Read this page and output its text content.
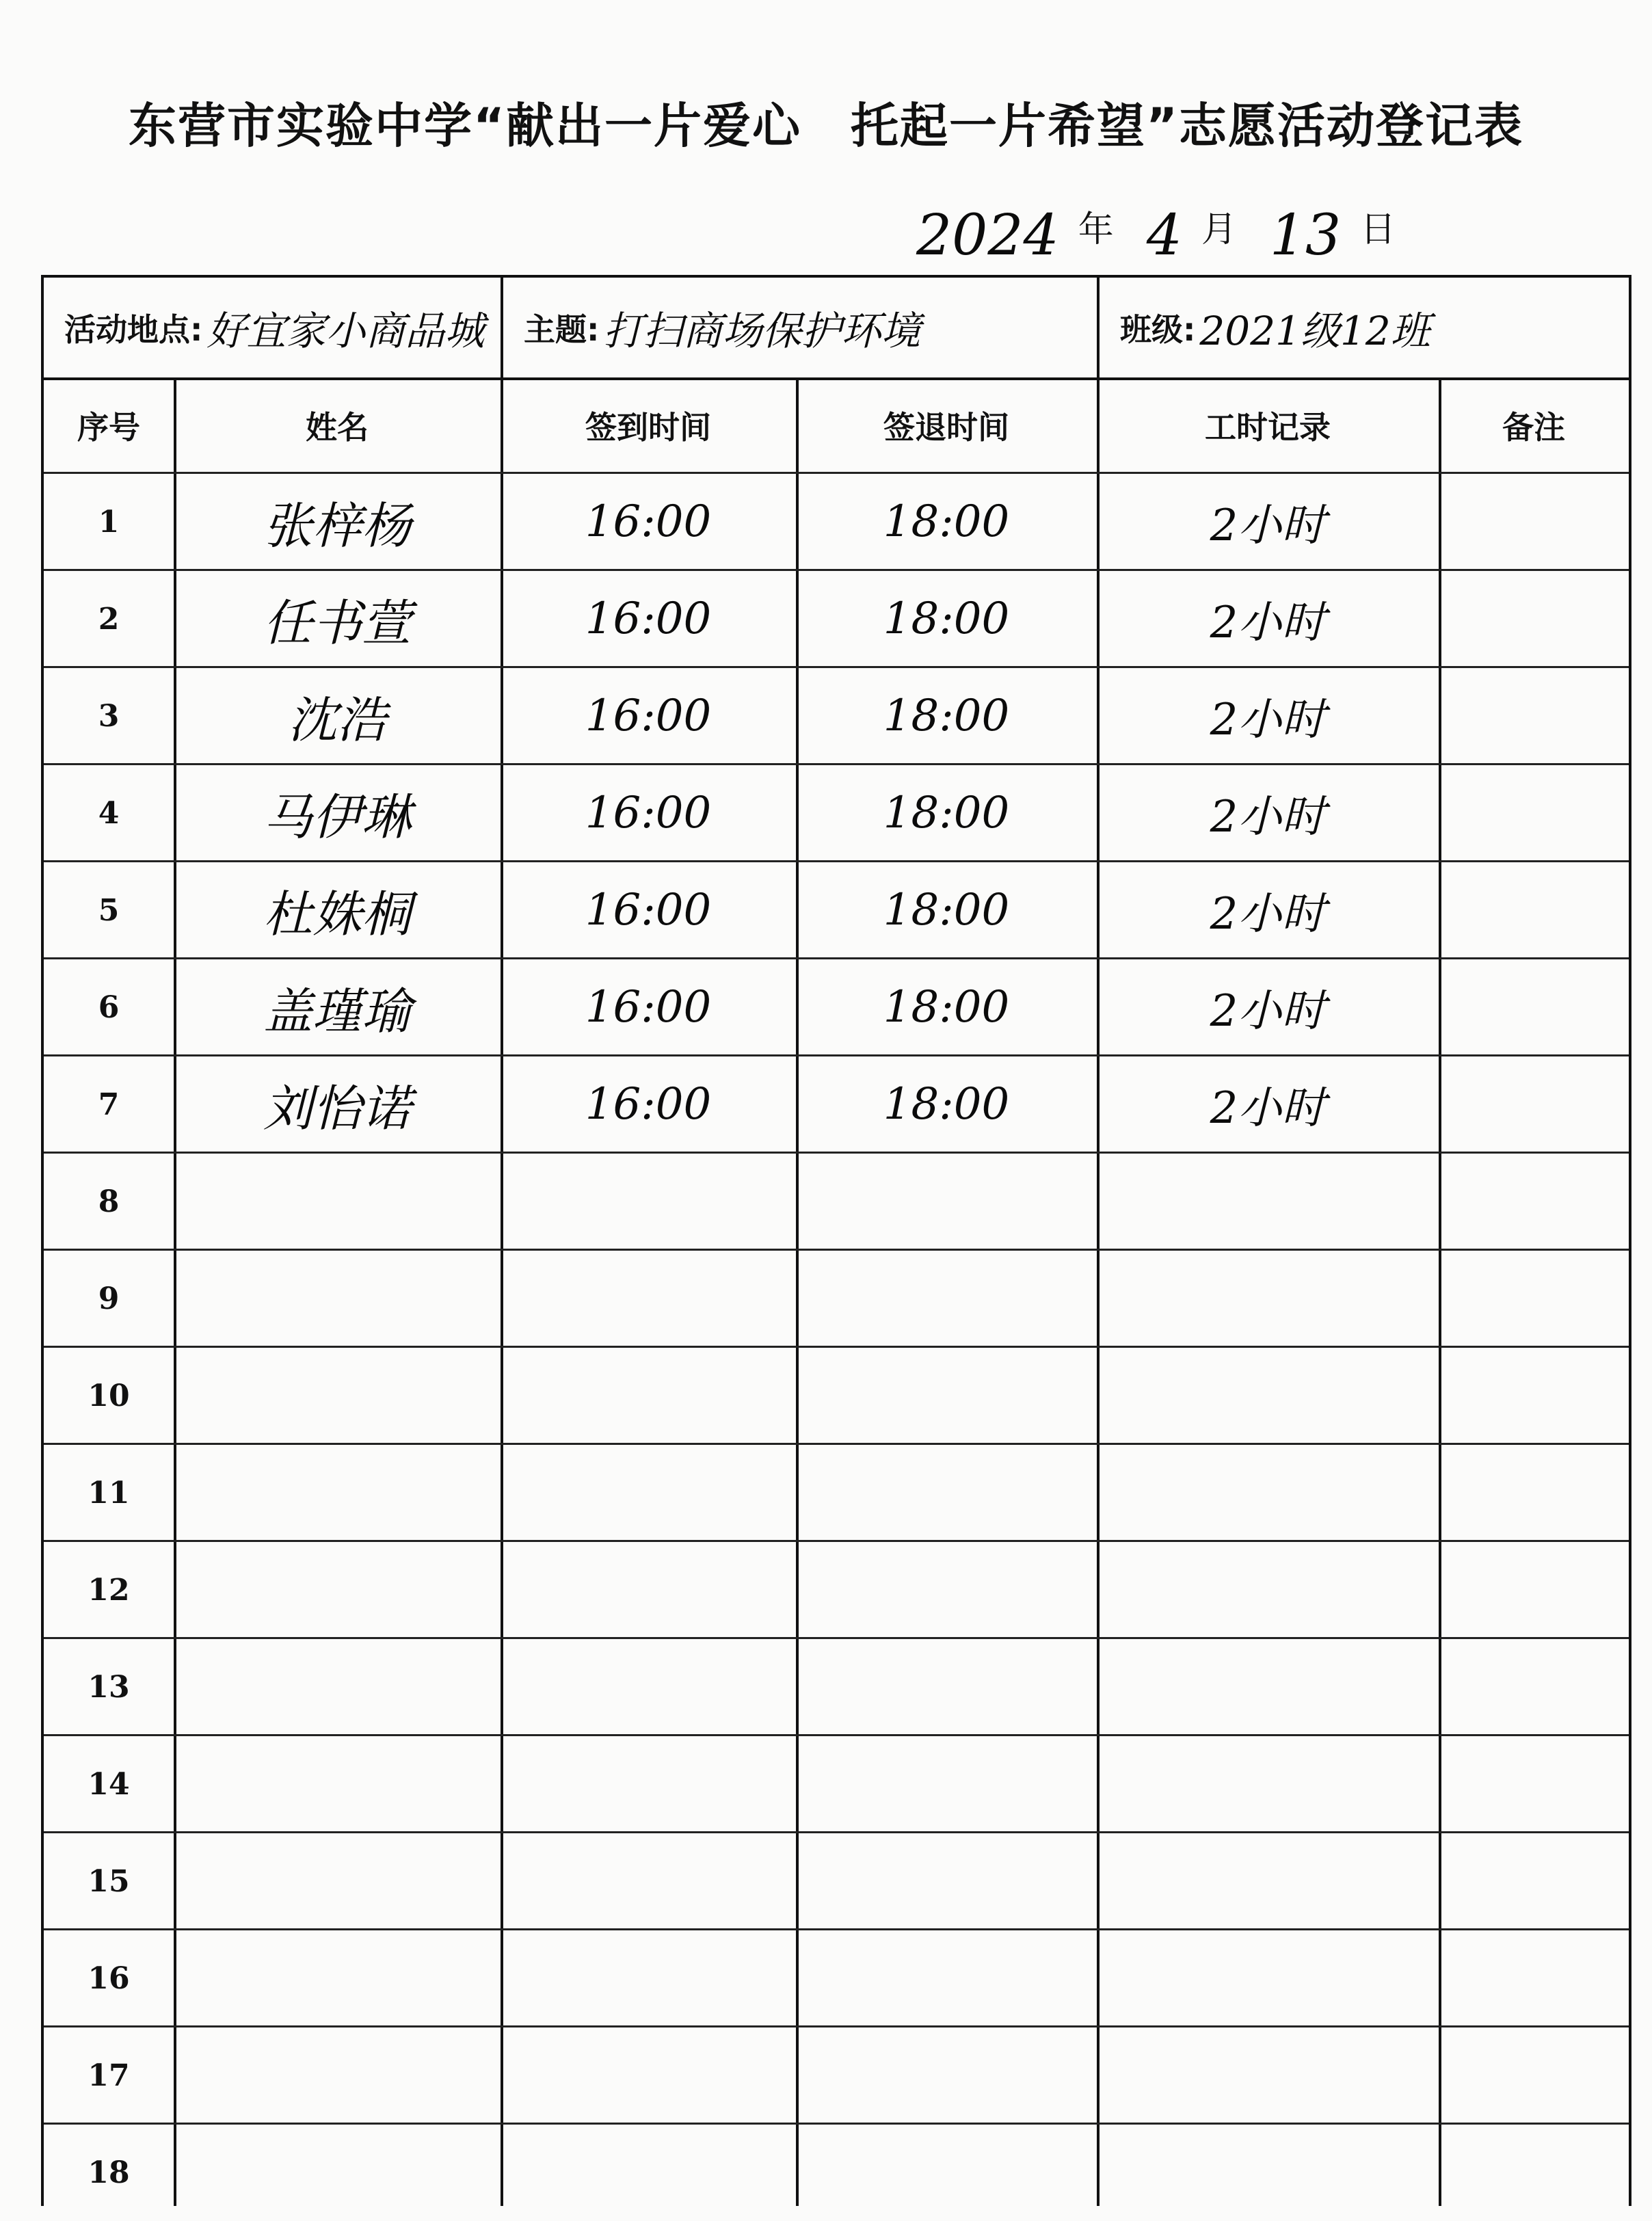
东营市实验中学“献出一片爱心　托起一片希望”志愿活动登记表
2024 年 4 月 13 日
活动地点: 好宜家小商品城 主题: 打扫商场保护环境	班级: 2021级12班
序号	姓名	签到时间	签退时间	工时记录	备注
1	张梓杨	16:00	18:00	2小时
2	任书萱	16:00	18:00	2小时
3	沈浩	16:00	18:00	2小时
4	马伊琳	16:00	18:00	2小时
5	杜姝桐	16:00	18:00	2小时
6	盖瑾瑜	16:00	18:00	2小时
7	刘怡诺	16:00	18:00	2小时
8
9
10
11
12
13
14
15
16
17
18
